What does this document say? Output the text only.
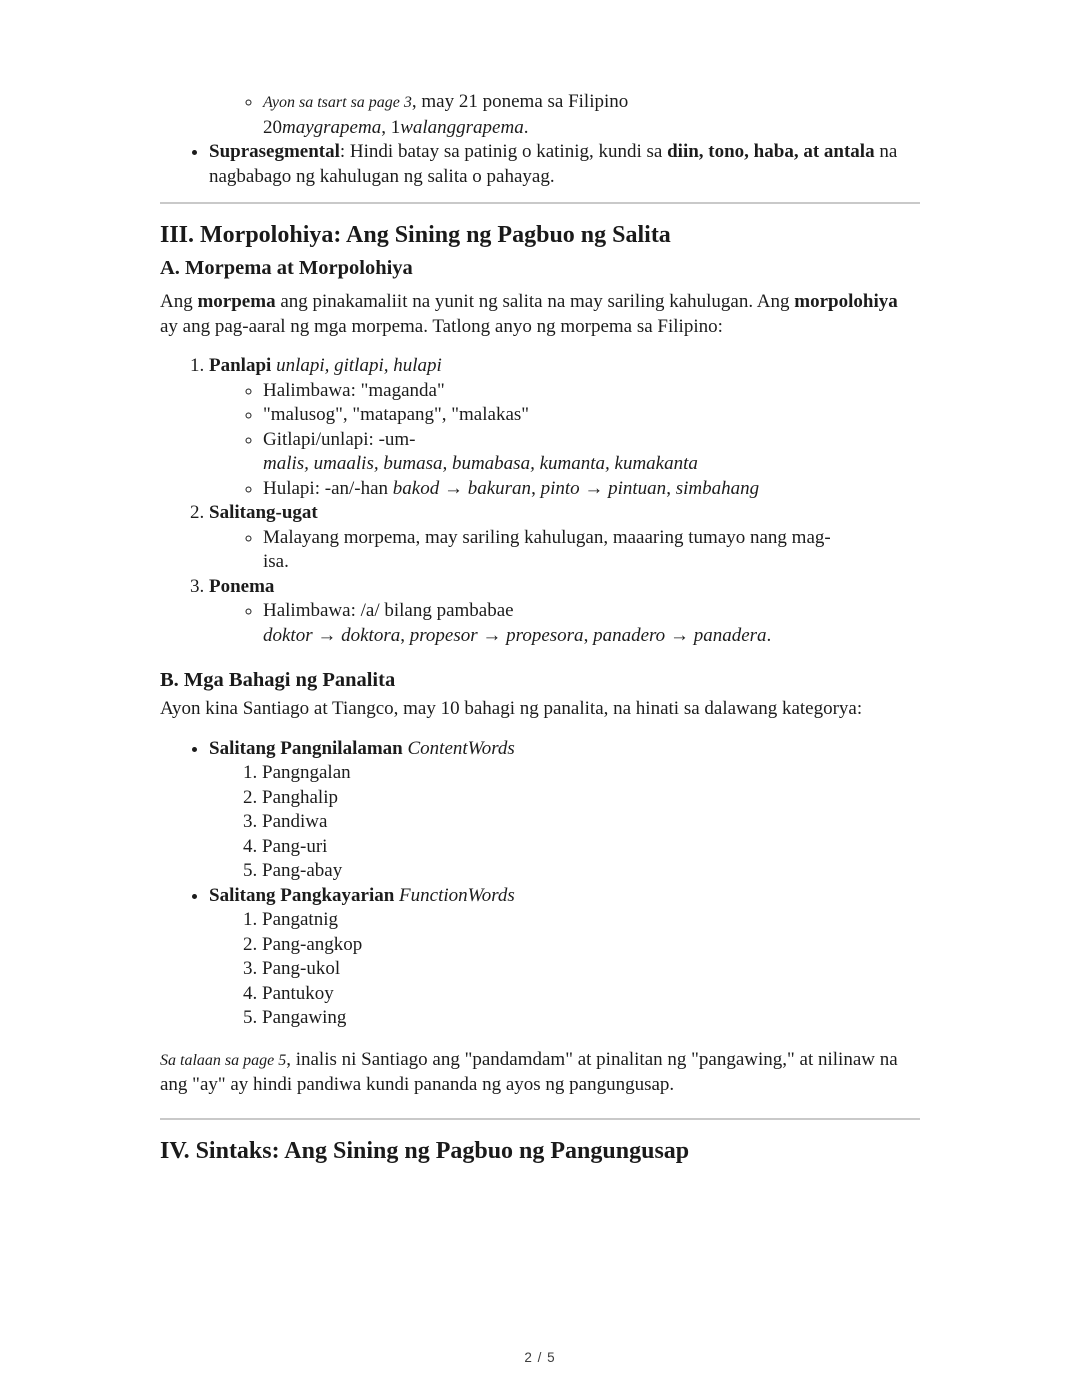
◦ Ayon sa tsart sa page 3, may 21 ponema sa Filipino
20maygrapema, 1walanggrapema.
• Suprasegmental: Hindi batay sa patinig o katinig, kundi sa diin, tono, haba, at antala na nagbabago ng kahulugan ng salita o pahayag.
III. Morpolohiya: Ang Sining ng Pagbuo ng Salita
A. Morpema at Morpolohiya

Ang morpema ang pinakamaliit na yunit ng salita na may sariling kahulugan. Ang morpolohiya ay ang pag-aaral ng mga morpema. Tatlong anyo ng morpema sa Filipino:

1. Panlapi unlapi, gitlapi, hulapi
◦ Halimbawa: "maganda"
◦ "malusog", "matapang", "malakas"
◦ Gitlapi/unlapi: -um-
malis, umaalis, bumasa, bumabasa, kumanta, kumakanta
◦ Hulapi: -an/-han bakod → bakuran, pinto → pintuan, simbahang
2. Salitang-ugat
◦ Malayang morpema, may sariling kahulugan, maaaring tumayo nang mag-
isa.
3. Ponema
◦ Halimbawa: /a/ bilang pambabae
doktor → doktora, propesor → propesora, panadero → panadera.
B. Mga Bahagi ng Panalita

Ayon kina Santiago at Tiangco, may 10 bahagi ng panalita, na hinati sa dalawang kategorya:

• Salitang Pangnilalaman ContentWords
1. Pangngalan
2. Panghalip
3. Pandiwa
4. Pang-uri
5. Pang-abay
• Salitang Pangkayarian FunctionWords
1. Pangatnig
2. Pang-angkop
3. Pang-ukol
4. Pantukoy
5. Pangawing

Sa talaan sa page 5, inalis ni Santiago ang "pandamdam" at pinalitan ng "pangawing," at nilinaw na ang "ay" ay hindi pandiwa kundi pananda ng ayos ng pangungusap.

IV. Sintaks: Ang Sining ng Pagbuo ng Pangungusap
2 / 5
